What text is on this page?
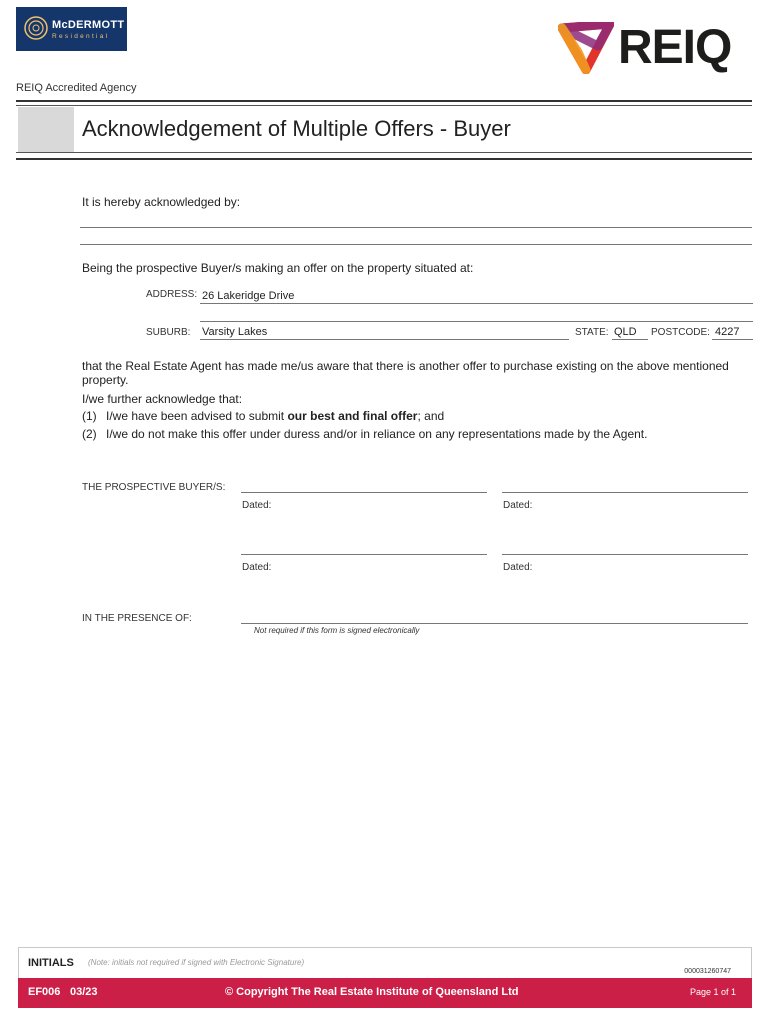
McDERMOTT
Residential	REIQ
REIQ Accredited Agency
Acknowledgement of Multiple Offers - Buyer
It is hereby acknowledged by:
Being the prospective Buyer/s making an offer on the property situated at:
ADDRESS: 26 Lakeridge Drive
SUBURB: Varsity Lakes	STATE: QLD POSTCODE: 4227
that the Real Estate Agent has made me/us aware that there is another offer to purchase existing on the above mentioned property.
I/we further acknowledge that:
(1) I/we have been advised to submit our best and final offer; and
(2) I/we do not make this offer under duress and/or in reliance on any representations made by the Agent.
THE PROSPECTIVE BUYER/S:
Dated:	Dated:
Dated:	Dated:
IN THE PRESENCE OF:
Not required if this form is signed electronically
INITIALS (Note: initials not required if signed with Electronic Signature)
000031260747
EF006 03/23	© Copyright The Real Estate Institute of Queensland Ltd	Page 1 of 1
